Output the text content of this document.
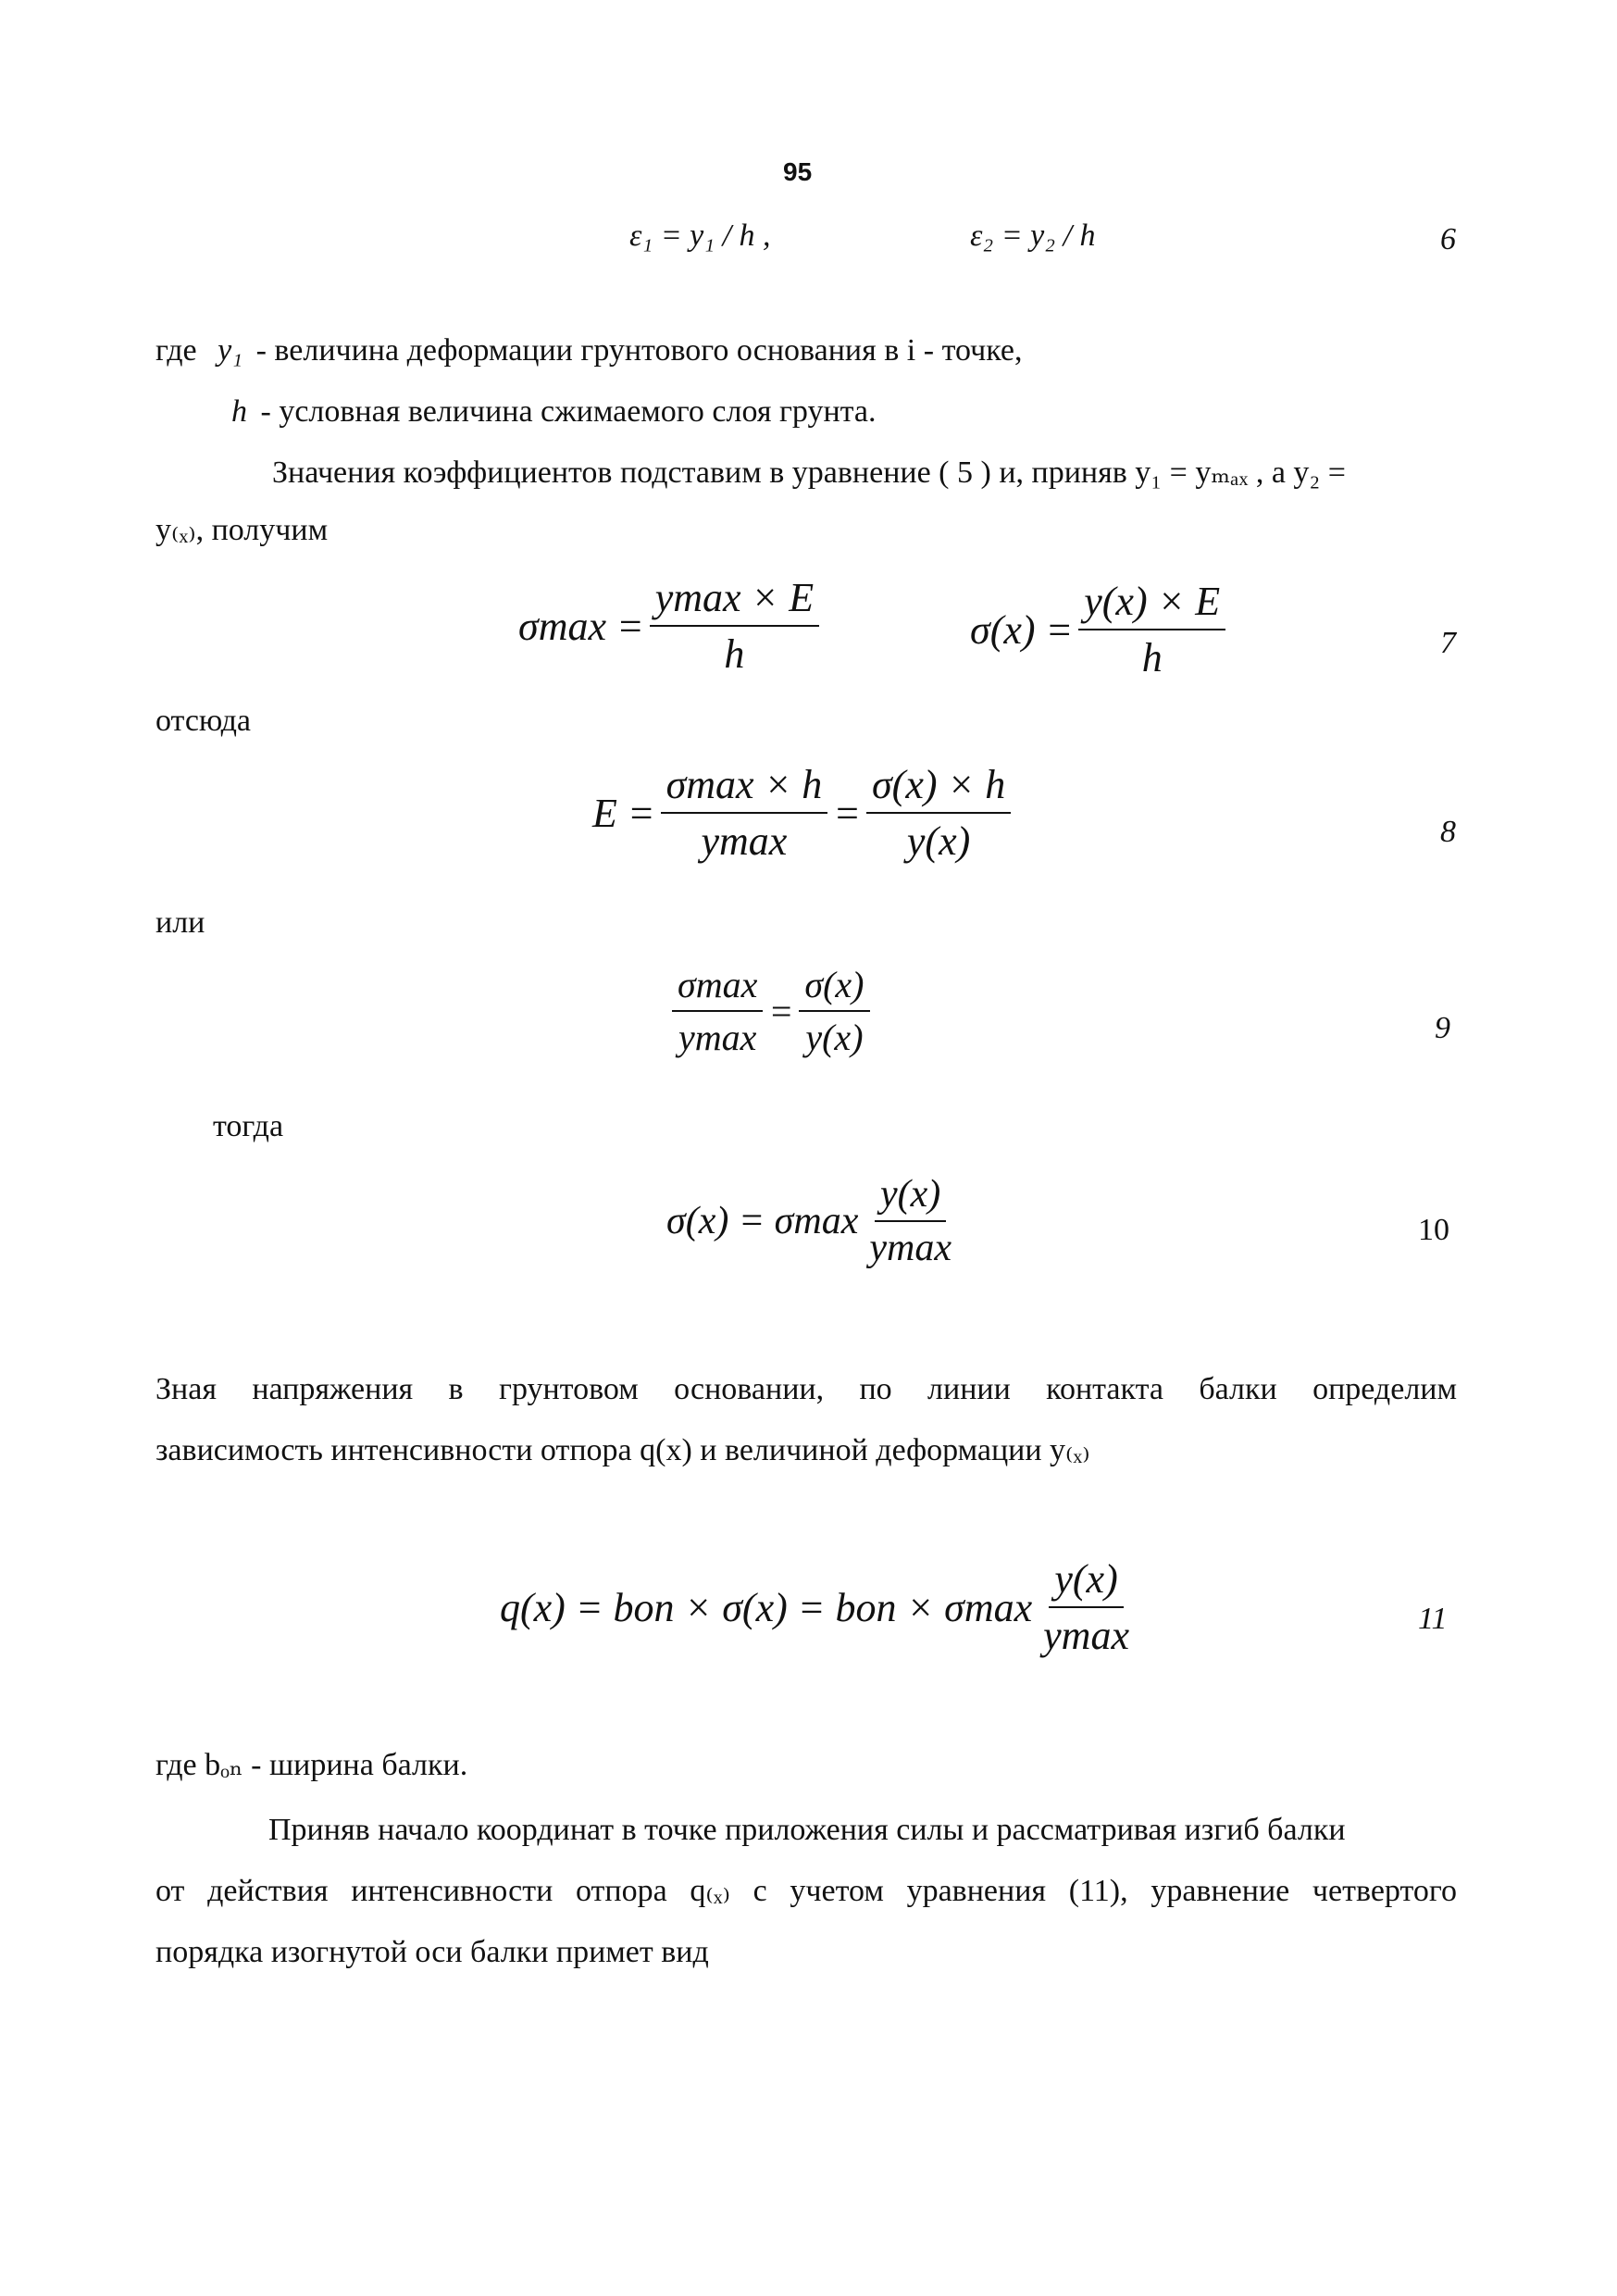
95
ε₁ = y₁ / h ,	ε₂ = y₂ / h	6
где y₁ - величина деформации грунтового основания в i - точке,
h - условная величина сжимаемого слоя грунта.
Значения коэффициентов подставим в уравнение ( 5 ) и, приняв y₁ = yₘₐₓ , а y₂ =
y₍ₓ₎, получим
$\sigma\max = \frac{ymax \times E}{h}$	$\sigma(x) = \frac{y(x) \times E}{h}$	7
отсюда
$E = \frac{\sigma\max \times h}{ymax} = \frac{\sigma(x) \times h}{y(x)}$	8
или
$\frac{\sigma\max}{ymax} = \frac{\sigma(x)}{y(x)}$	9
тогда
σ(x) = σmax $\frac{y(x)}{ymax}$	10
Зная напряжения в грунтовом основании, по линии контакта балки определим
зависимость интенсивности отпора q(x) и величиной деформации y₍ₓ₎
q(x) = bon × σ(x) = bon × σmax $\frac{y(x)}{ymax}$	11
где bₒₙ - ширина балки.
Приняв начало координат в точке приложения силы и рассматривая изгиб балки
от действия интенсивности отпора q₍ₓ₎ с учетом уравнения (11), уравнение четвертого
порядка изогнутой оси балки примет вид
